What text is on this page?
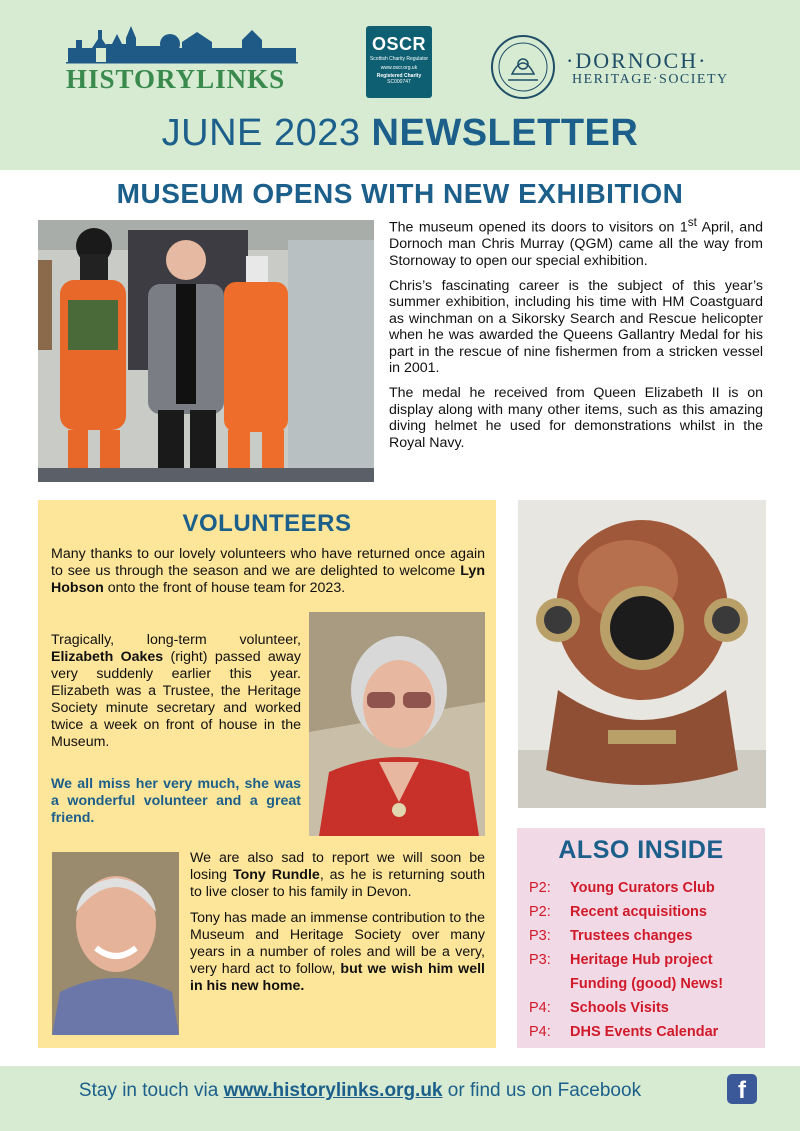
HISTORYLINKS
OSCR
Scottish Charity Regulator
www.oscr.org.uk
Registered Charity
SC000747
·DORNOCH·
HERITAGE·SOCIETY
JUNE 2023 NEWSLETTER
MUSEUM OPENS WITH NEW EXHIBITION

The museum opened its doors to visitors on 1st April, and Dornoch man Chris Murray (QGM) came all the way from Stornoway to open our special exhibition.

Chris’s fascinating career is the subject of this year’s summer exhibition, including his time with HM Coastguard as winchman on a Sikorsky Search and Rescue helicopter when he was awarded the Queens Gallantry Medal for his part in the rescue of nine fishermen from a stricken vessel in 2001.

The medal he received from Queen Elizabeth II is on display along with many other items, such as this amazing diving helmet he used for demonstrations whilst in the Royal Navy.

VOLUNTEERS
Many thanks to our lovely volunteers who have returned once again to see us through the season and we are delighted to welcome Lyn Hobson onto the front of house team for 2023.
Tragically, long-term volunteer, Elizabeth Oakes (right) passed away very suddenly earlier this year. Elizabeth was a Trustee, the Heritage Society minute secretary and worked twice a week on front of house in the Museum.
We all miss her very much, she was a wonderful volunteer and a great friend.

We are also sad to report we will soon be losing Tony Rundle, as he is returning south to live closer to his family in Devon.

Tony has made an immense contribution to the Museum and Heritage Society over many years in a number of roles and will be a very, very hard act to follow, but we wish him well in his new home.

ALSO INSIDE
P2:	Young Curators Club
P2:	Recent acquisitions
P3:	Trustees changes
P3:	Heritage Hub project
Funding (good) News!
P4:	Schools Visits
P4:	DHS Events Calendar
Stay in touch via www.historylinks.org.uk or find us on Facebook	f
